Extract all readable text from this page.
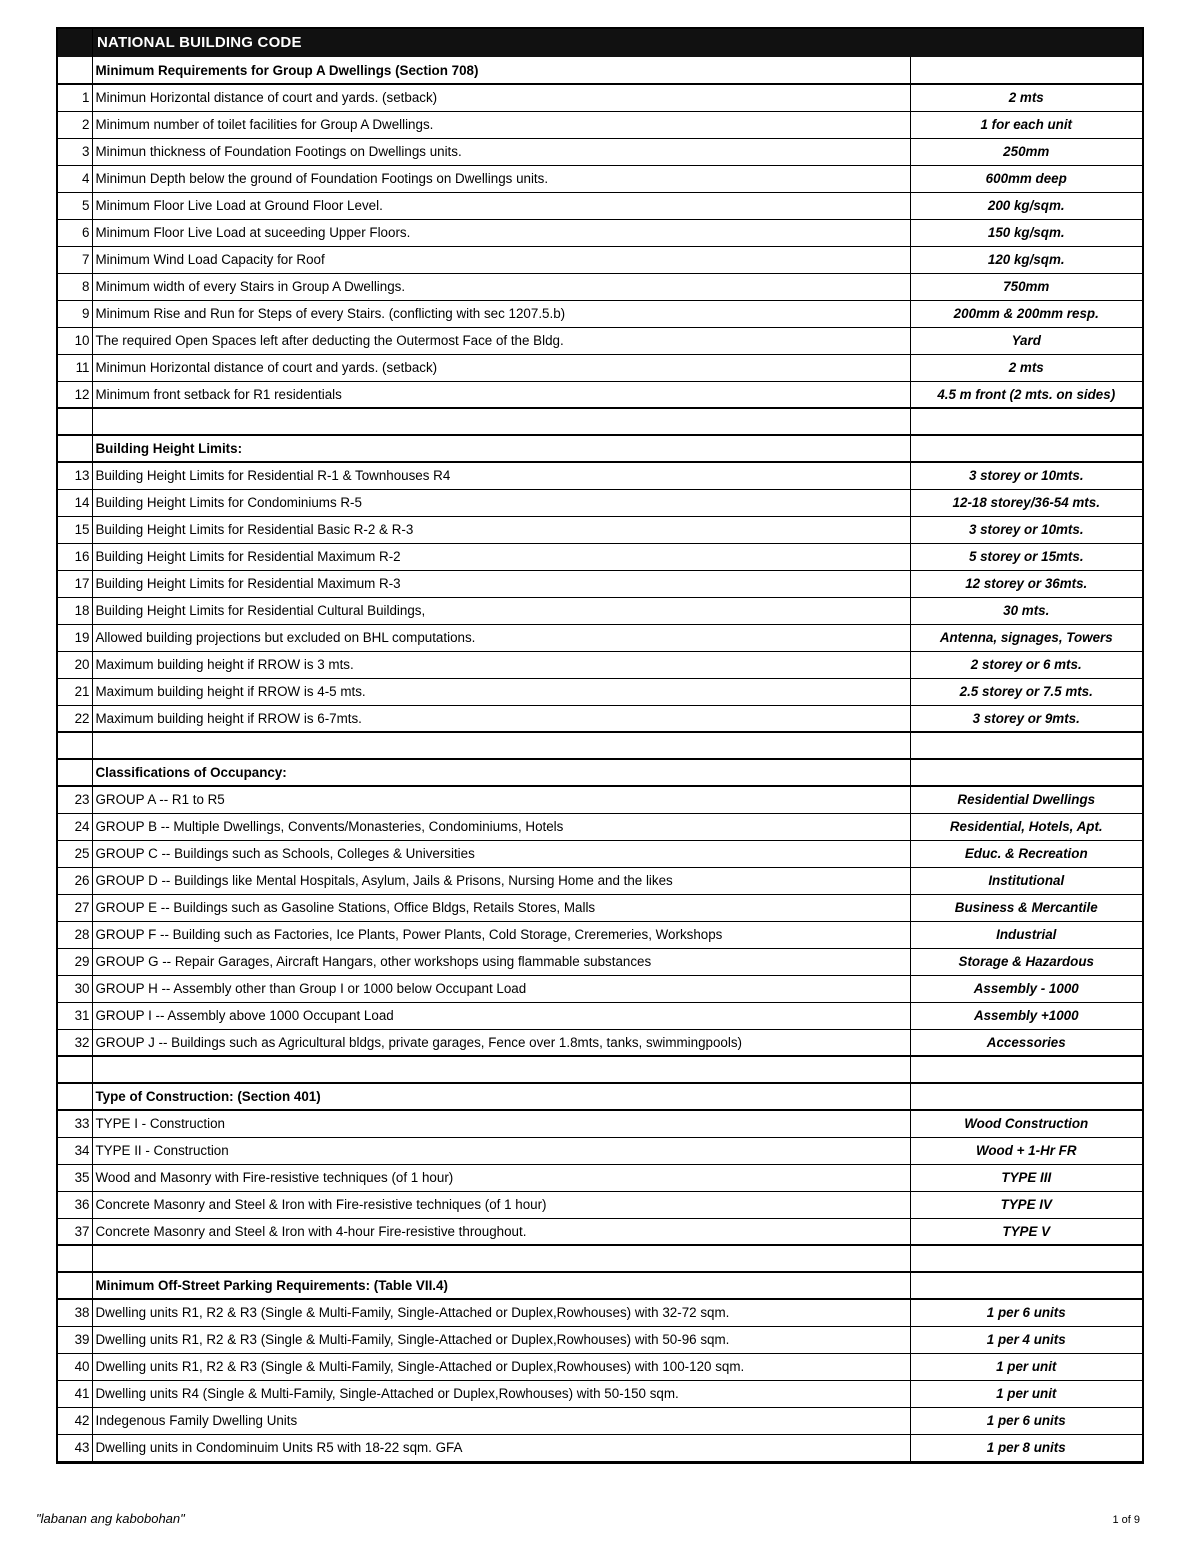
NATIONAL BUILDING CODE
	Minimum Requirements for Group A Dwellings (Section 708)	
1	Minimun Horizontal distance of court and yards. (setback)	2 mts
2	Minimum number of toilet facilities for Group A Dwellings.	1 for each unit
3	Minimun thickness of Foundation Footings on Dwellings units.	250mm
4	Minimun Depth below the ground of Foundation Footings on Dwellings units.	600mm deep
5	Minimum Floor Live Load at Ground Floor Level.	200 kg/sqm.
6	Minimum Floor Live Load at suceeding Upper Floors.	150 kg/sqm.
7	Minimum Wind Load Capacity for Roof	120 kg/sqm.
8	Minimum width of every Stairs in Group A Dwellings.	750mm
9	Minimum Rise and Run for Steps of every Stairs. (conflicting with sec 1207.5.b)	200mm & 200mm resp.
10	The required Open Spaces left after deducting the Outermost Face of the Bldg.	Yard
11	Minimun Horizontal distance of court and yards. (setback)	2 mts
12	Minimum front setback for R1 residentials	4.5 m front (2 mts. on sides)

	Building Height Limits:	
13	Building Height Limits for Residential R-1 & Townhouses R4	3 storey or 10mts.
14	Building Height Limits for Condominiums R-5	12-18 storey/36-54 mts.
15	Building Height Limits for Residential Basic R-2 & R-3	3 storey or 10mts.
16	Building Height Limits for Residential Maximum R-2	5 storey or 15mts.
17	Building Height Limits for Residential Maximum R-3	12 storey or 36mts.
18	Building Height Limits for Residential Cultural Buildings,	30 mts.
19	Allowed building projections but excluded on BHL computations.	Antenna, signages, Towers
20	Maximum building height if RROW is 3 mts.	2 storey or 6 mts.
21	Maximum building height if RROW is 4-5 mts.	2.5 storey or 7.5 mts.
22	Maximum building height if RROW is 6-7mts.	3 storey or 9mts.

	Classifications of Occupancy:	
23	GROUP A -- R1 to R5	Residential Dwellings
24	GROUP B -- Multiple Dwellings, Convents/Monasteries, Condominiums, Hotels	Residential, Hotels, Apt.
25	GROUP C -- Buildings such as Schools, Colleges & Universities	Educ. & Recreation
26	GROUP D -- Buildings like Mental Hospitals, Asylum, Jails & Prisons, Nursing Home and the likes	Institutional
27	GROUP E -- Buildings such as Gasoline Stations, Office Bldgs, Retails Stores, Malls	Business & Mercantile
28	GROUP F -- Building such as Factories, Ice Plants, Power Plants, Cold Storage, Creremeries, Workshops	Industrial
29	GROUP G -- Repair Garages, Aircraft Hangars, other workshops using flammable substances	Storage & Hazardous
30	GROUP H -- Assembly other than Group I or 1000 below Occupant Load	Assembly - 1000
31	GROUP I -- Assembly above 1000 Occupant Load	Assembly +1000
32	GROUP J -- Buildings such as Agricultural bldgs, private garages, Fence over 1.8mts, tanks, swimmingpools)	Accessories

	Type of Construction: (Section 401)	
33	TYPE I - Construction	Wood Construction
34	TYPE II - Construction	Wood + 1-Hr FR
35	Wood and Masonry with Fire-resistive techniques (of 1 hour)	TYPE III
36	Concrete Masonry and Steel & Iron with Fire-resistive techniques (of 1 hour)	TYPE IV
37	Concrete Masonry and Steel & Iron with 4-hour Fire-resistive throughout.	TYPE V

	Minimum Off-Street Parking Requirements: (Table VII.4)	
38	Dwelling units R1, R2 & R3 (Single & Multi-Family, Single-Attached or Duplex,Rowhouses) with 32-72 sqm.	1 per 6 units
39	Dwelling units R1, R2 & R3 (Single & Multi-Family, Single-Attached or Duplex,Rowhouses) with 50-96 sqm.	1 per 4 units
40	Dwelling units R1, R2 & R3 (Single & Multi-Family, Single-Attached or Duplex,Rowhouses) with 100-120 sqm.	1 per unit
41	Dwelling units R4 (Single & Multi-Family, Single-Attached or Duplex,Rowhouses) with 50-150 sqm.	1 per unit
42	Indegenous Family Dwelling Units	1 per 6 units
43	Dwelling units in Condominuim Units R5 with 18-22 sqm. GFA	1 per 8 units
"labanan ang kabobohan"	1 of 9
